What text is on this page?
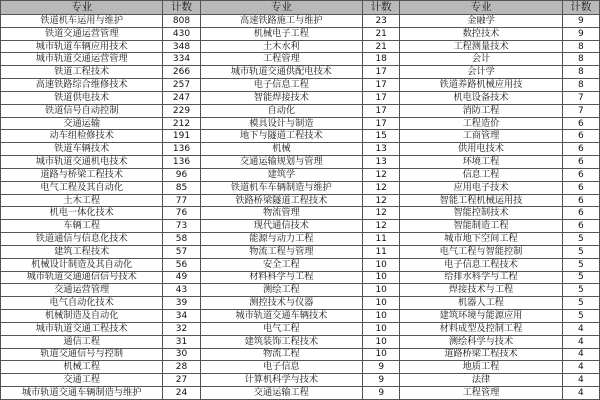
专业	计数	专业	计数	专业	计数
铁道机车运用与维护	808	高速铁路施工与维护	23	金融学	9
铁道交通运营管理	430	机械电子工程	21	数控技术	9
城市轨道车辆应用技术	348	土木水利	21	工程测量技术	8
城市轨道交通运营管理	334	工程管理	18	会计	8
铁道工程技术	266	城市轨道交通供配电技术	17	会计学	8
高速铁路综合维修技术	257	电子信息工程	17	铁道养路机械应用技	8
铁道供电技术	247	智能焊接技术	17	机电设备技术	7
铁道信号自动控制	229	自动化	17	消防工程	7
交通运输	212	模具设计与制造	17	工程造价	6
动车组检修技术	191	地下与隧道工程技术	15	工商管理	6
铁道车辆技术	136	机械	13	供用电技术	6
城市轨道交通机电技术	136	交通运输规划与管理	13	环境工程	6
道路与桥梁工程技术	96	建筑学	12	信息工程	6
电气工程及其自动化	85	铁道机车车辆制造与维护	12	应用电子技术	6
土木工程	77	铁路桥梁隧道工程技术	12	智能工程机械运用技	6
机电一体化技术	76	物流管理	12	智能控制技术	6
车辆工程	73	现代通信技术	12	智能制造工程	6
铁道通信与信息化技术	58	能源与动力工程	11	城市地下空间工程	5
建筑工程技术	57	物流工程与管理	11	电气工程与智能控制	5
机械设计制造及其自动化	56	安全工程	10	电子信息工程技术	5
城市轨道交通通信信号技术	49	材料科学与工程	10	给排水科学与工程	5
交通运营管理	43	测绘工程	10	焊接技术与工程	5
电气自动化技术	39	测控技术与仪器	10	机器人工程	5
机械制造及自动化	34	城市轨道交通车辆技术	10	建筑环境与能源应用	5
城市轨道交通工程技术	32	电气工程	10	材料成型及控制工程	4
通信工程	31	建筑装饰工程技术	10	测绘科学与技术	4
轨道交通信号与控制	30	物流工程	10	道路桥梁工程技术	4
机械工程	28	电子信息	9	地质工程	4
交通工程	27	计算机科学与技术	9	法律	4
城市轨道交通车辆制造与维护	24	交通运输工程	9	工程管理	4
